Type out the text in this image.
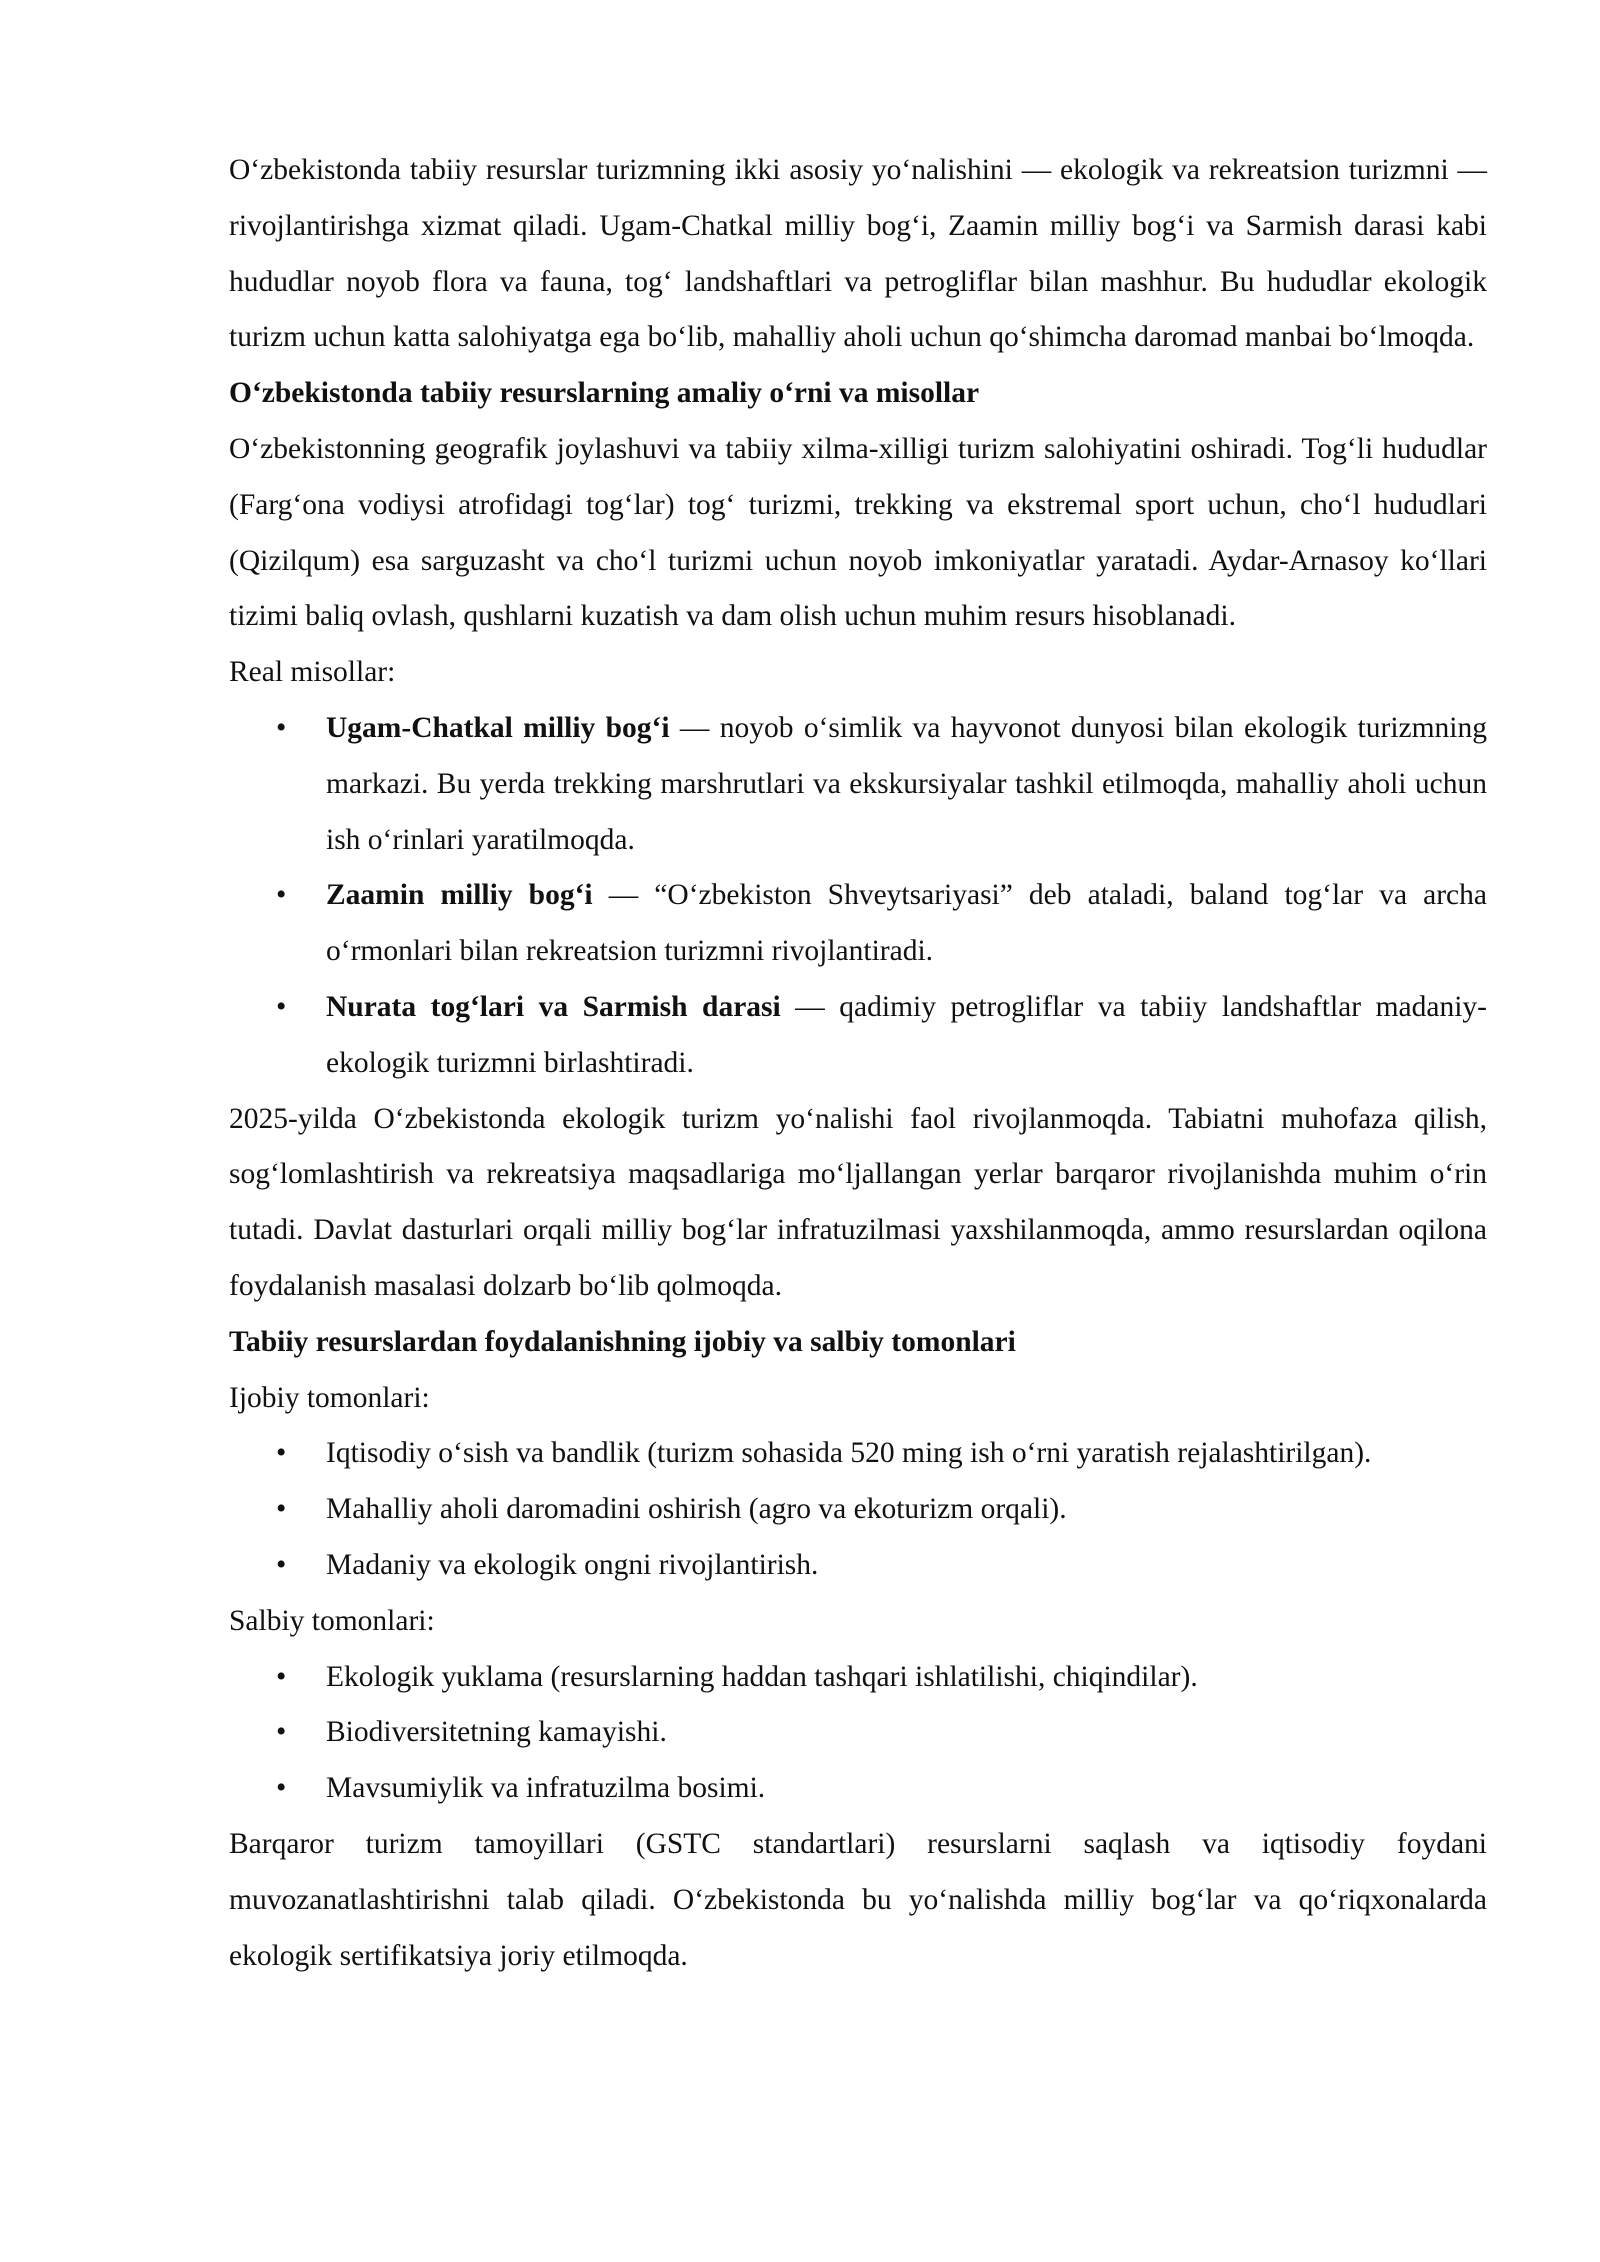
O‘zbekistonda tabiiy resurslar turizmning ikki asosiy yo‘nalishini — ekologik va rekreatsion turizmni — rivojlantirishga xizmat qiladi. Ugam-Chatkal milliy bog‘i, Zaamin milliy bog‘i va Sarmish darasi kabi hududlar noyob flora va fauna, tog‘ landshaftlari va petrogliflar bilan mashhur. Bu hududlar ekologik turizm uchun katta salohiyatga ega bo‘lib, mahalliy aholi uchun qo‘shimcha daromad manbai bo‘lmoqda.

O‘zbekistonda tabiiy resurslarning amaliy o‘rni va misollar

O‘zbekistonning geografik joylashuvi va tabiiy xilma-xilligi turizm salohiyatini oshiradi. Tog‘li hududlar (Farg‘ona vodiysi atrofidagi tog‘lar) tog‘ turizmi, trekking va ekstremal sport uchun, cho‘l hududlari (Qizilqum) esa sarguzasht va cho‘l turizmi uchun noyob imkoniyatlar yaratadi. Aydar-Arnasoy ko‘llari tizimi baliq ovlash, qushlarni kuzatish va dam olish uchun muhim resurs hisoblanadi.

Real misollar:

• Ugam-Chatkal milliy bog‘i — noyob o‘simlik va hayvonot dunyosi bilan ekologik turizmning markazi. Bu yerda trekking marshrutlari va ekskursiyalar tashkil etilmoqda, mahalliy aholi uchun ish o‘rinlari yaratilmoqda.
• Zaamin milliy bog‘i — “O‘zbekiston Shveytsariyasi” deb ataladi, baland tog‘lar va archa o‘rmonlari bilan rekreatsion turizmni rivojlantiradi.
• Nurata tog‘lari va Sarmish darasi — qadimiy petrogliflar va tabiiy landshaftlar madaniy-ekologik turizmni birlashtiradi.

2025-yilda O‘zbekistonda ekologik turizm yo‘nalishi faol rivojlanmoqda. Tabiatni muhofaza qilish, sog‘lomlashtirish va rekreatsiya maqsadlariga mo‘ljallangan yerlar barqaror rivojlanishda muhim o‘rin tutadi. Davlat dasturlari orqali milliy bog‘lar infratuzilmasi yaxshilanmoqda, ammo resurslardan oqilona foydalanish masalasi dolzarb bo‘lib qolmoqda.

Tabiiy resurslardan foydalanishning ijobiy va salbiy tomonlari

Ijobiy tomonlari:

• Iqtisodiy o‘sish va bandlik (turizm sohasida 520 ming ish o‘rni yaratish rejalashtirilgan).
• Mahalliy aholi daromadini oshirish (agro va ekoturizm orqali).
• Madaniy va ekologik ongni rivojlantirish.

Salbiy tomonlari:

• Ekologik yuklama (resurslarning haddan tashqari ishlatilishi, chiqindilar).
• Biodiversitetning kamayishi.
• Mavsumiylik va infratuzilma bosimi.

Barqaror turizm tamoyillari (GSTC standartlari) resurslarni saqlash va iqtisodiy foydani muvozanatlashtirishni talab qiladi. O‘zbekistonda bu yo‘nalishda milliy bog‘lar va qo‘riqxonalarda ekologik sertifikatsiya joriy etilmoqda.
